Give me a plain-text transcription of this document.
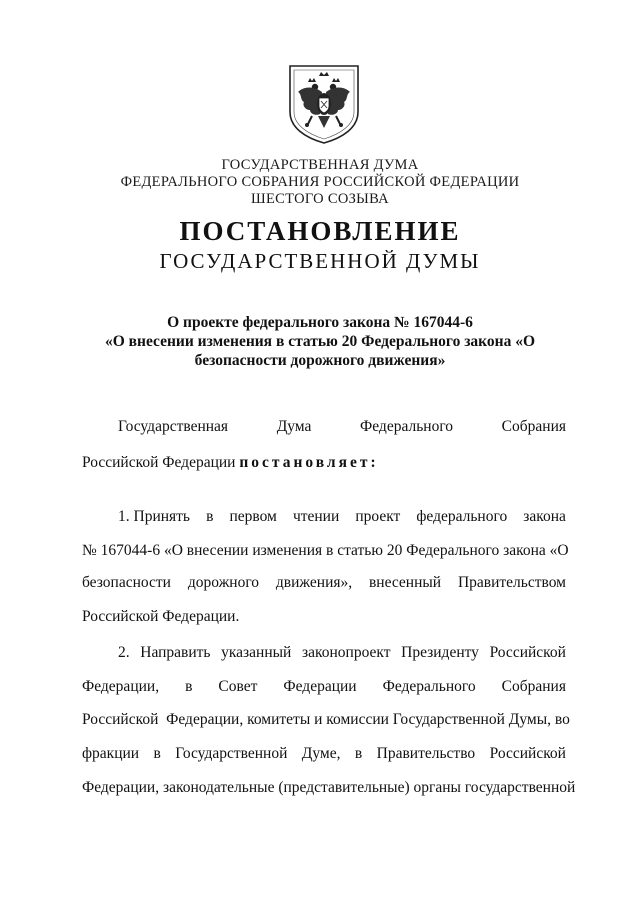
ГОСУДАРСТВЕННАЯ ДУМА
ФЕДЕРАЛЬНОГО СОБРАНИЯ РОССИЙСКОЙ ФЕДЕРАЦИИ
ШЕСТОГО СОЗЫВА
ПОСТАНОВЛЕНИЕ
ГОСУДАРСТВЕННОЙ ДУМЫ
О проекте федерального закона № 167044-6
«О внесении изменения в статью 20 Федерального закона «О
безопасности дорожного движения»
Государственная	Дума	Федерального	Собрания
Российской Федерации постановляет:
1. Принять в первом чтении проект федерального закона
№ 167044-6 «О внесении изменения в статью 20 Федерального закона «О
безопасности дорожного движения», внесенный Правительством
Российской Федерации.
2. Направить указанный законопроект Президенту Российской
Федерации, в Совет Федерации Федерального Собрания
Российской  Федерации, комитеты и комиссии Государственной Думы, во
фракции в Государственной Думе, в Правительство Российской
Федерации, законодательные (представительные) органы государственной
